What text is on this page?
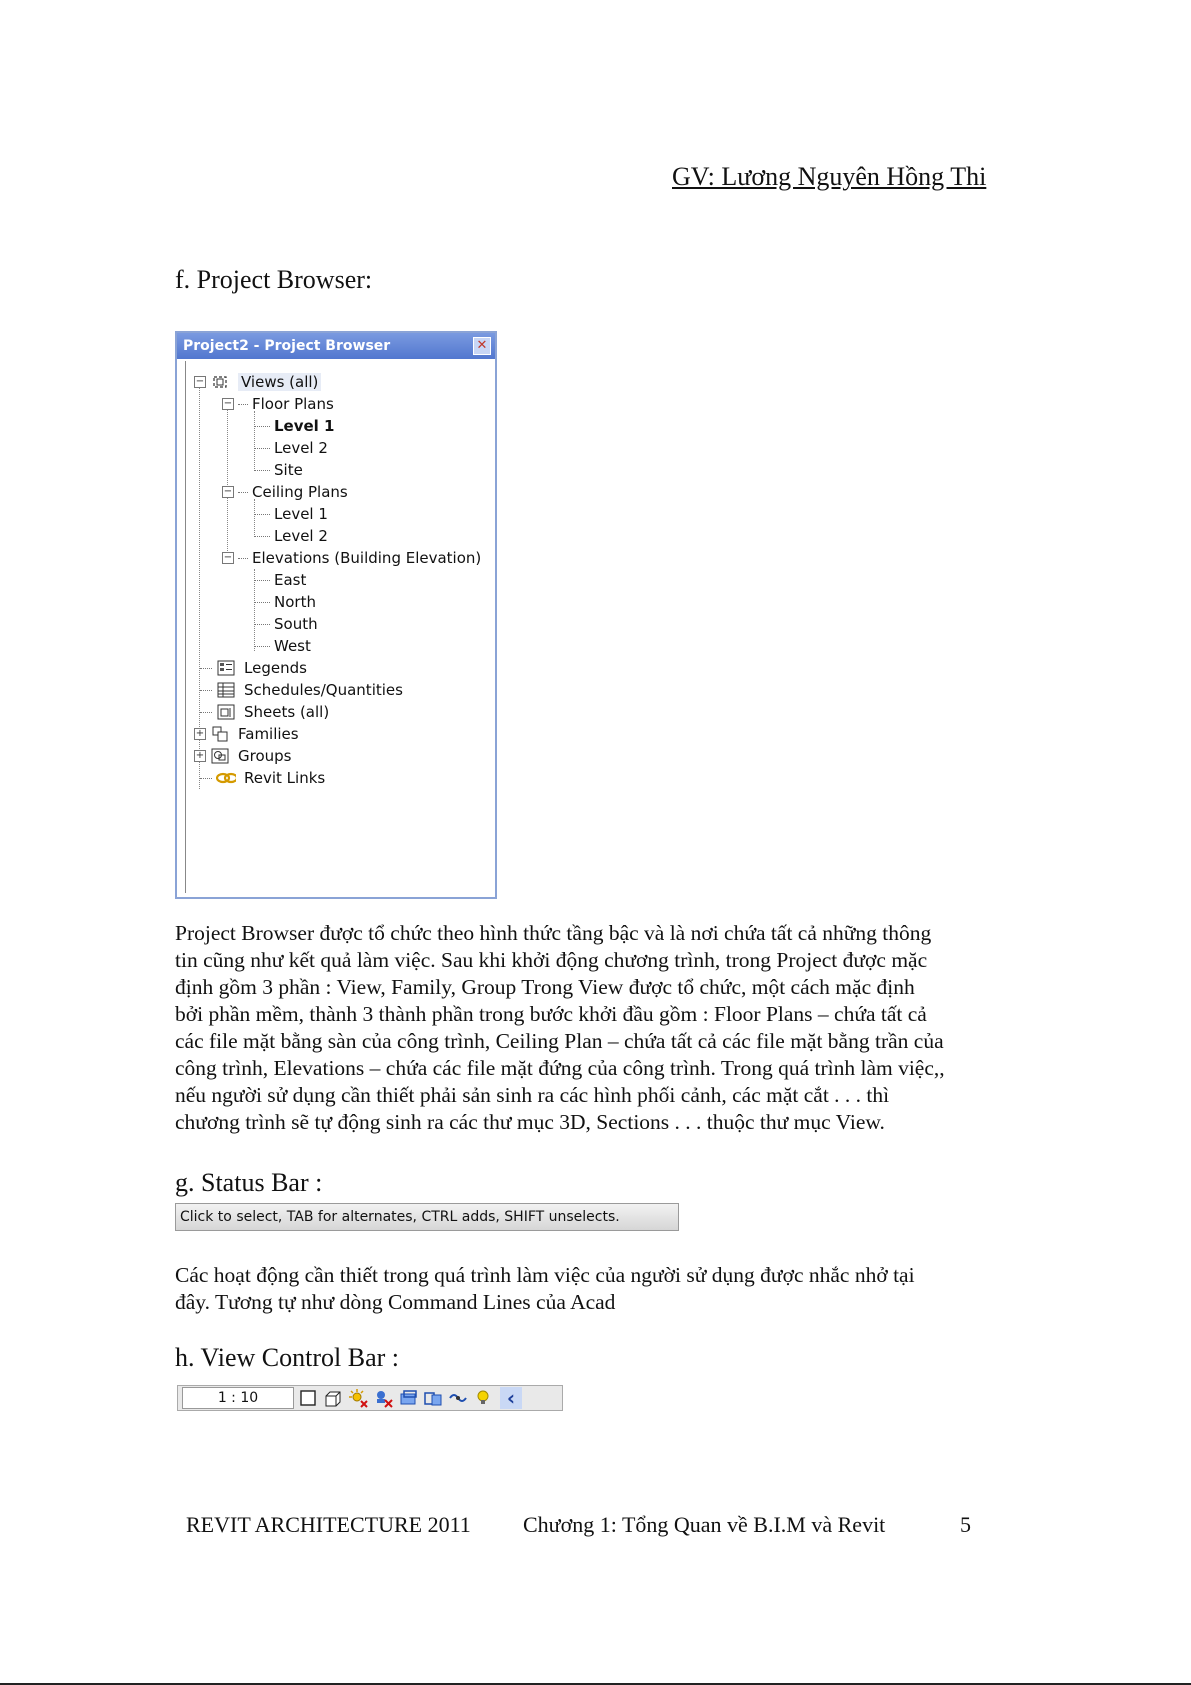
GV: Lương Nguyên Hồng Thi
f. Project Browser:
Project2 - Project Browser	✕
− Views (all)
− Floor Plans
Level 1
Level 2
Site
− Ceiling Plans
Level 1
Level 2
− Elevations (Building Elevation)
East
North
South
West
Legends
Schedules/Quantities
Sheets (all)
+ Families
+ Groups
Revit Links

Project Browser được tổ chức theo hình thức tầng bậc và là nơi chứa tất cả những thông

tin cũng như kết quả làm việc. Sau khi khởi động chương trình, trong Project được mặc

định gồm 3 phần : View, Family, Group Trong View được tổ chức, một cách mặc định

bởi phần mềm, thành 3 thành phần trong bước khởi đầu gồm : Floor Plans – chứa tất cả

các file mặt bằng sàn của công trình, Ceiling Plan – chứa tất cả các file mặt bằng trần của

công trình, Elevations – chứa các file mặt đứng của công trình. Trong quá trình làm việc,,

nếu người sử dụng cần thiết phải sản sinh ra các hình phối cảnh, các mặt cắt . . . thì

chương trình sẽ tự động sinh ra các thư mục 3D, Sections . . . thuộc thư mục View.

g. Status Bar :
Click to select, TAB for alternates, CTRL adds, SHIFT unselects.

Các hoạt động cần thiết trong quá trình làm việc của người sử dụng được nhắc nhở tại

đây. Tương tự như dòng Command Lines của Acad

h. View Control Bar :
1 : 10	‹
REVIT ARCHITECTURE 2011 Chương 1: Tổng Quan về B.I.M và Revit	5
